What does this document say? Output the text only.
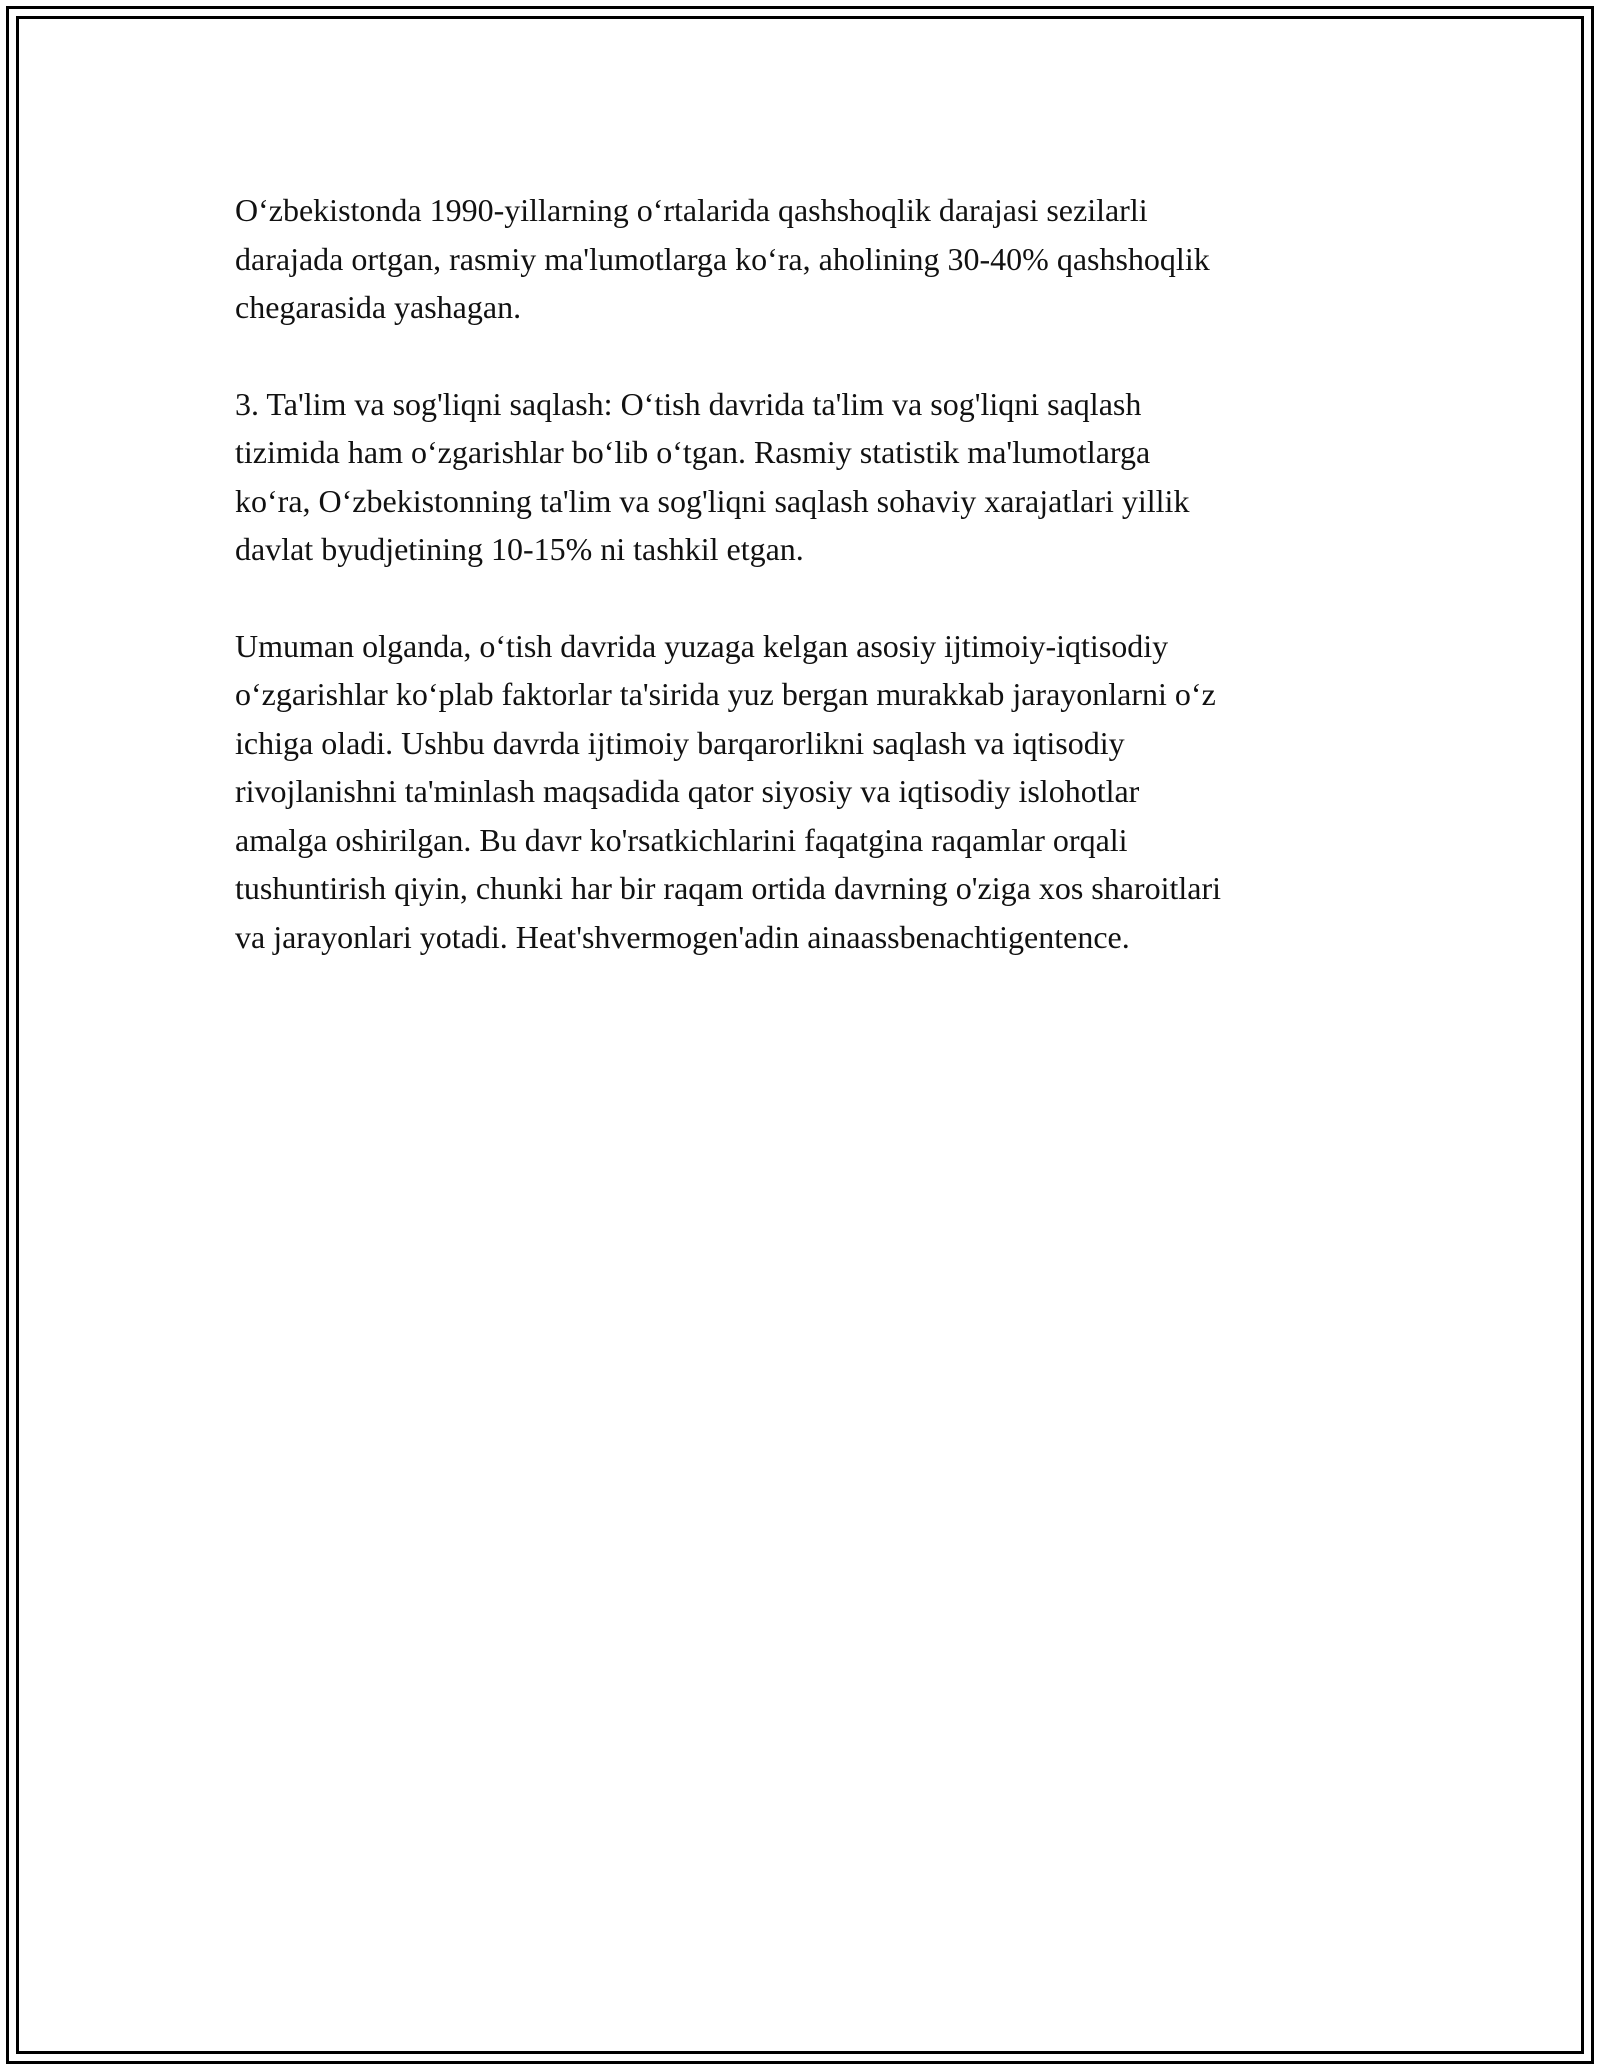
O‘zbekistonda 1990-yillarning o‘rtalarida qashshoqlik darajasi sezilarli
darajada ortgan, rasmiy ma'lumotlarga ko‘ra, aholining 30-40% qashshoqlik
chegarasida yashagan.

3. Ta'lim va sog'liqni saqlash: O‘tish davrida ta'lim va sog'liqni saqlash
tizimida ham o‘zgarishlar bo‘lib o‘tgan. Rasmiy statistik ma'lumotlarga
ko‘ra, O‘zbekistonning ta'lim va sog'liqni saqlash sohaviy xarajatlari yillik
davlat byudjetining 10-15% ni tashkil etgan.

Umuman olganda, o‘tish davrida yuzaga kelgan asosiy ijtimoiy-iqtisodiy
o‘zgarishlar ko‘plab faktorlar ta'sirida yuz bergan murakkab jarayonlarni o‘z
ichiga oladi. Ushbu davrda ijtimoiy barqarorlikni saqlash va iqtisodiy
rivojlanishni ta'minlash maqsadida qator siyosiy va iqtisodiy islohotlar
amalga oshirilgan. Bu davr ko'rsatkichlarini faqatgina raqamlar orqali
tushuntirish qiyin, chunki har bir raqam ortida davrning o'ziga xos sharoitlari
va jarayonlari yotadi. Heat'shvermogen'adin ainaassbenachtigentence.
